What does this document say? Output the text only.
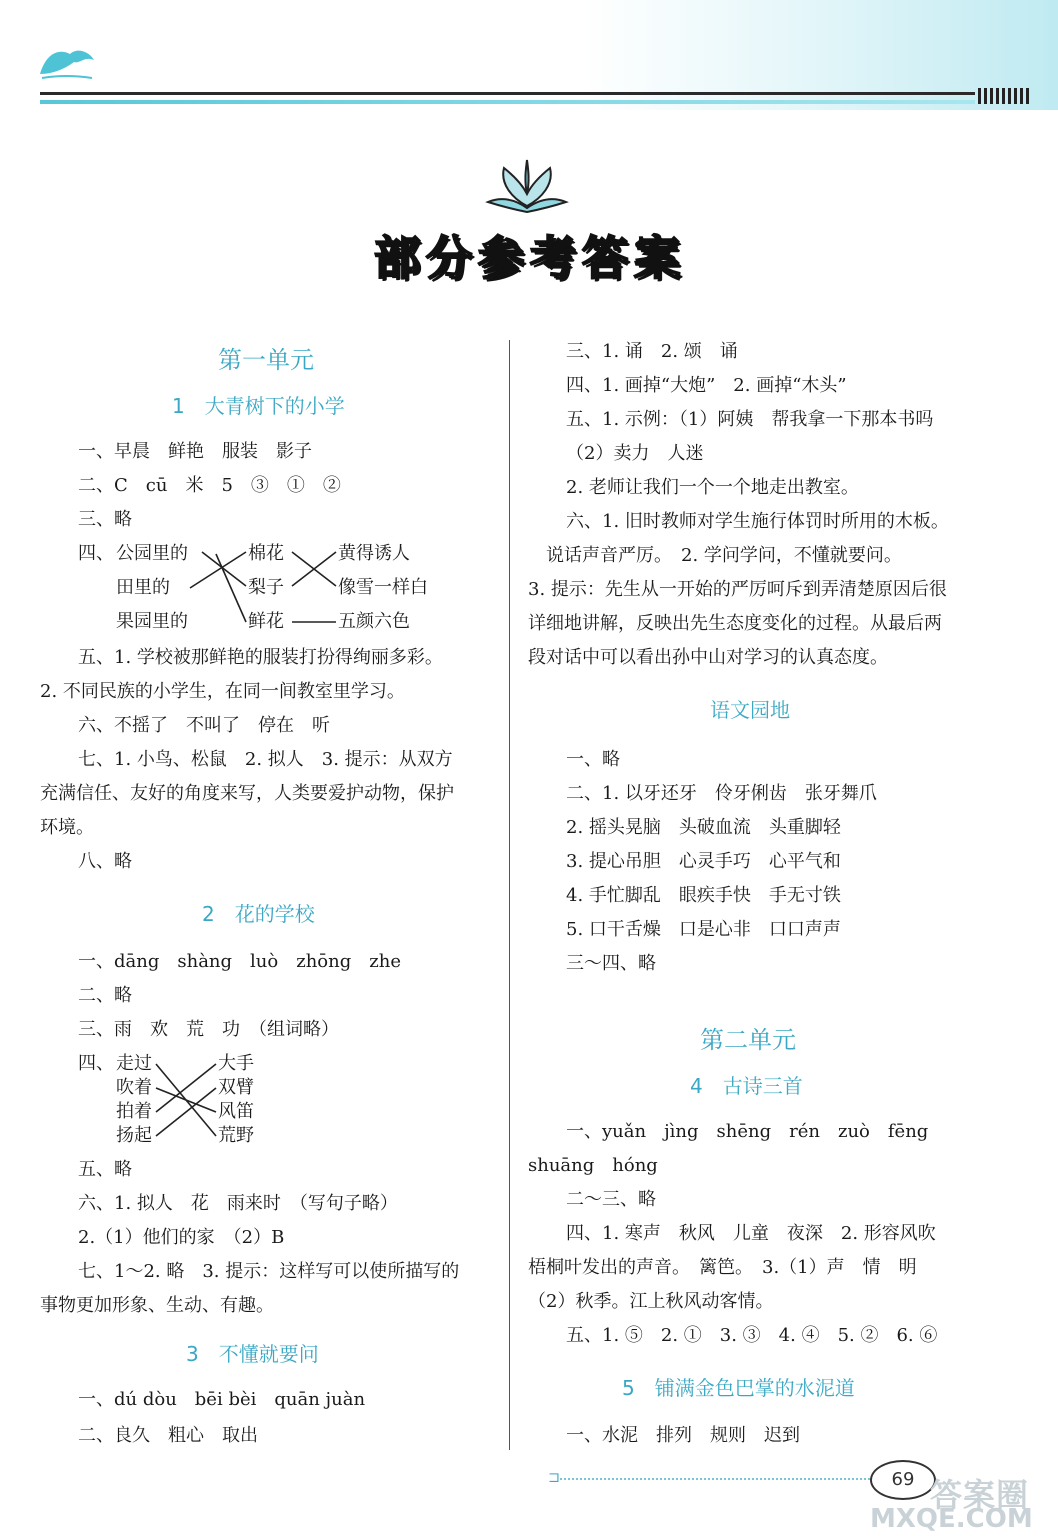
部分参考答案
第一单元
1　大青树下的小学
一、早晨　鲜艳　服装　影子
二、C　cū　米　5　③　①　②
三、略
四、 公园里的
田里的
果园里的
棉花
梨子
鲜花
黄得诱人
像雪一样白
五颜六色
五、1. 学校被那鲜艳的服装打扮得绚丽多彩。
2. 不同民族的小学生，在同一间教室里学习。
六、不摇了　不叫了　停在　听
七、1. 小鸟、松鼠　2. 拟人　3. 提示：从双方
充满信任、友好的角度来写，人类要爱护动物，保护
环境。
八、略
2　花的学校
一、dāng　shàng　luò　zhōng　zhe
二、略
三、雨　欢　荒　功　（组词略）
四、 走过
吹着
拍着
扬起
大手
双臂
风笛
荒野
五、略
六、1. 拟人　花　雨来时　（写句子略）
2.（1）他们的家　（2）B
七、1～2. 略　3. 提示：这样写可以使所描写的
事物更加形象、生动、有趣。
3　不懂就要问
一、dú dòu　bēi bèi　quān juàn
二、良久　粗心　取出
三、1. 诵　2. 颂　诵
四、1. 画掉“大炮”　2. 画掉“木头”
五、1. 示例：（1）阿姨　帮我拿一下那本书吗
（2）卖力　人迷
2. 老师让我们一个一个地走出教室。
六、1. 旧时教师对学生施行体罚时所用的木板。
说话声音严厉。　2. 学问学问，不懂就要问。
3. 提示：先生从一开始的严厉呵斥到弄清楚原因后很
详细地讲解，反映出先生态度变化的过程。从最后两
段对话中可以看出孙中山对学习的认真态度。
语文园地
一、略
二、1. 以牙还牙　伶牙俐齿　张牙舞爪
2. 摇头晃脑　头破血流　头重脚轻
3. 提心吊胆　心灵手巧　心平气和
4. 手忙脚乱　眼疾手快　手无寸铁
5. 口干舌燥　口是心非　口口声声
三～四、略
第二单元
4　古诗三首
一、yuǎn　jìng　shēng　rén　zuò　fēng
shuāng　hóng
二～三、略
四、1. 寒声　秋风　儿童　夜深　2. 形容风吹
梧桐叶发出的声音。　篱笆。　3.（1）声　情　明
（2）秋季。江上秋风动客情。
五、1. ⑤　2. ①　3. ③　4. ④　5. ②　6. ⑥
5　铺满金色巴掌的水泥道
一、水泥　排列　规则　迟到
⊐	69 答案圈
MXQE.COM
